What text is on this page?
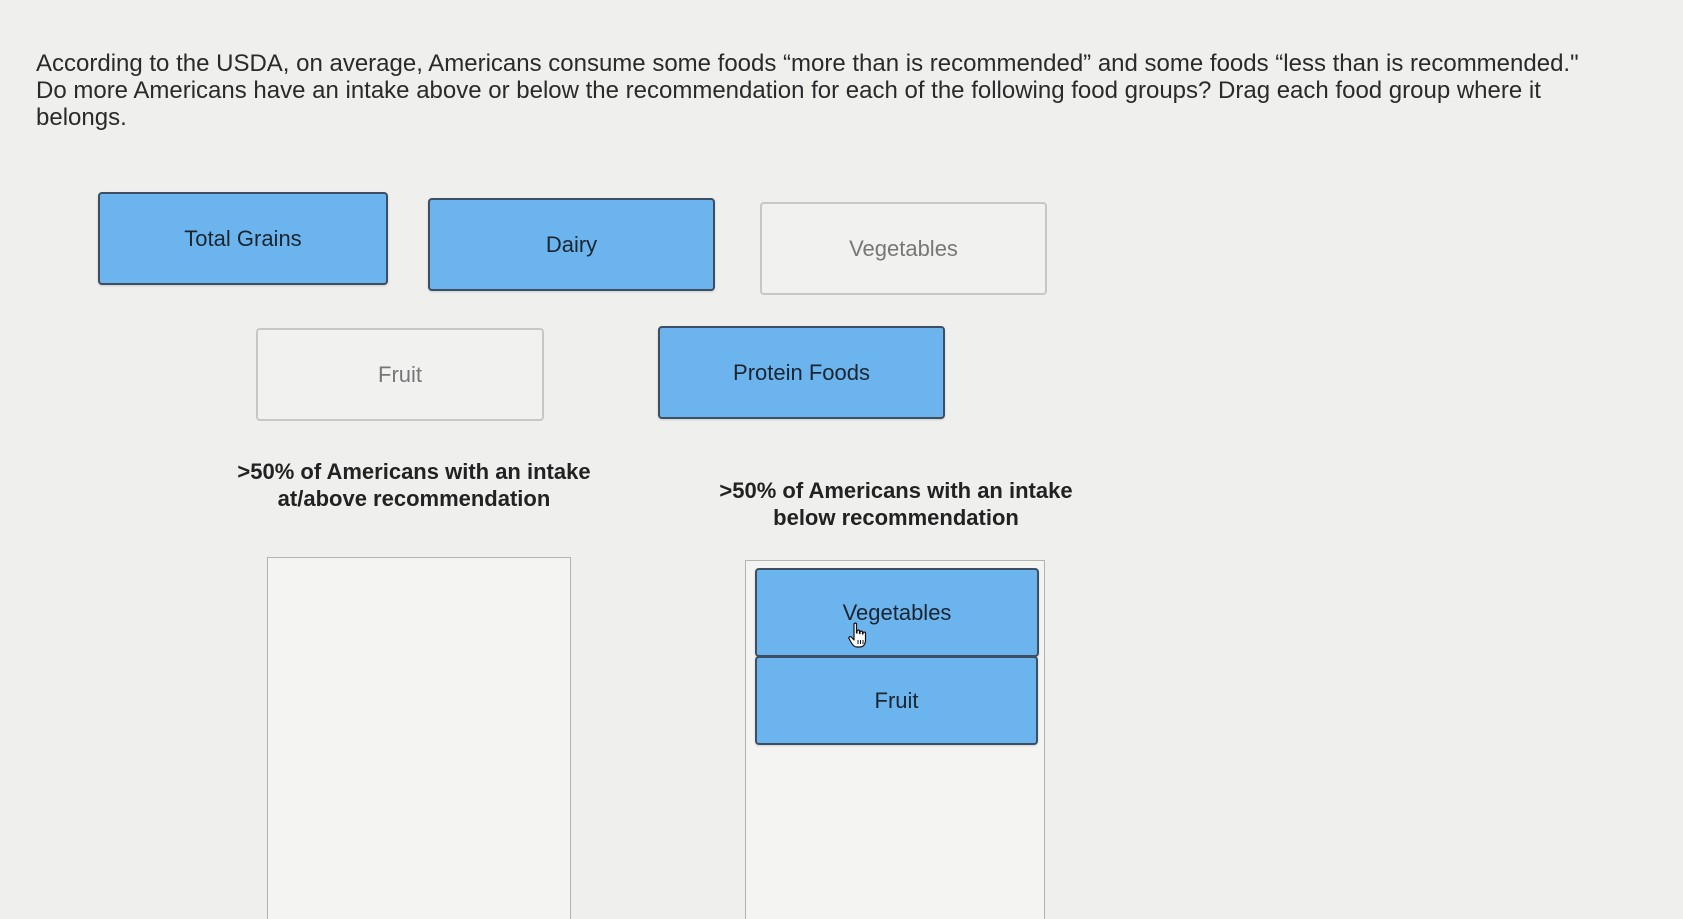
According to the USDA, on average, Americans consume some foods “more than is recommended” and some foods “less than is recommended." Do more Americans have an intake above or below the recommendation for each of the following food groups? Drag each food group where it belongs.
Total Grains	Dairy	Vegetables
Fruit	Protein Foods
>50% of Americans with an intake at/above recommendation	>50% of Americans with an intake below recommendation
Vegetables
Fruit
